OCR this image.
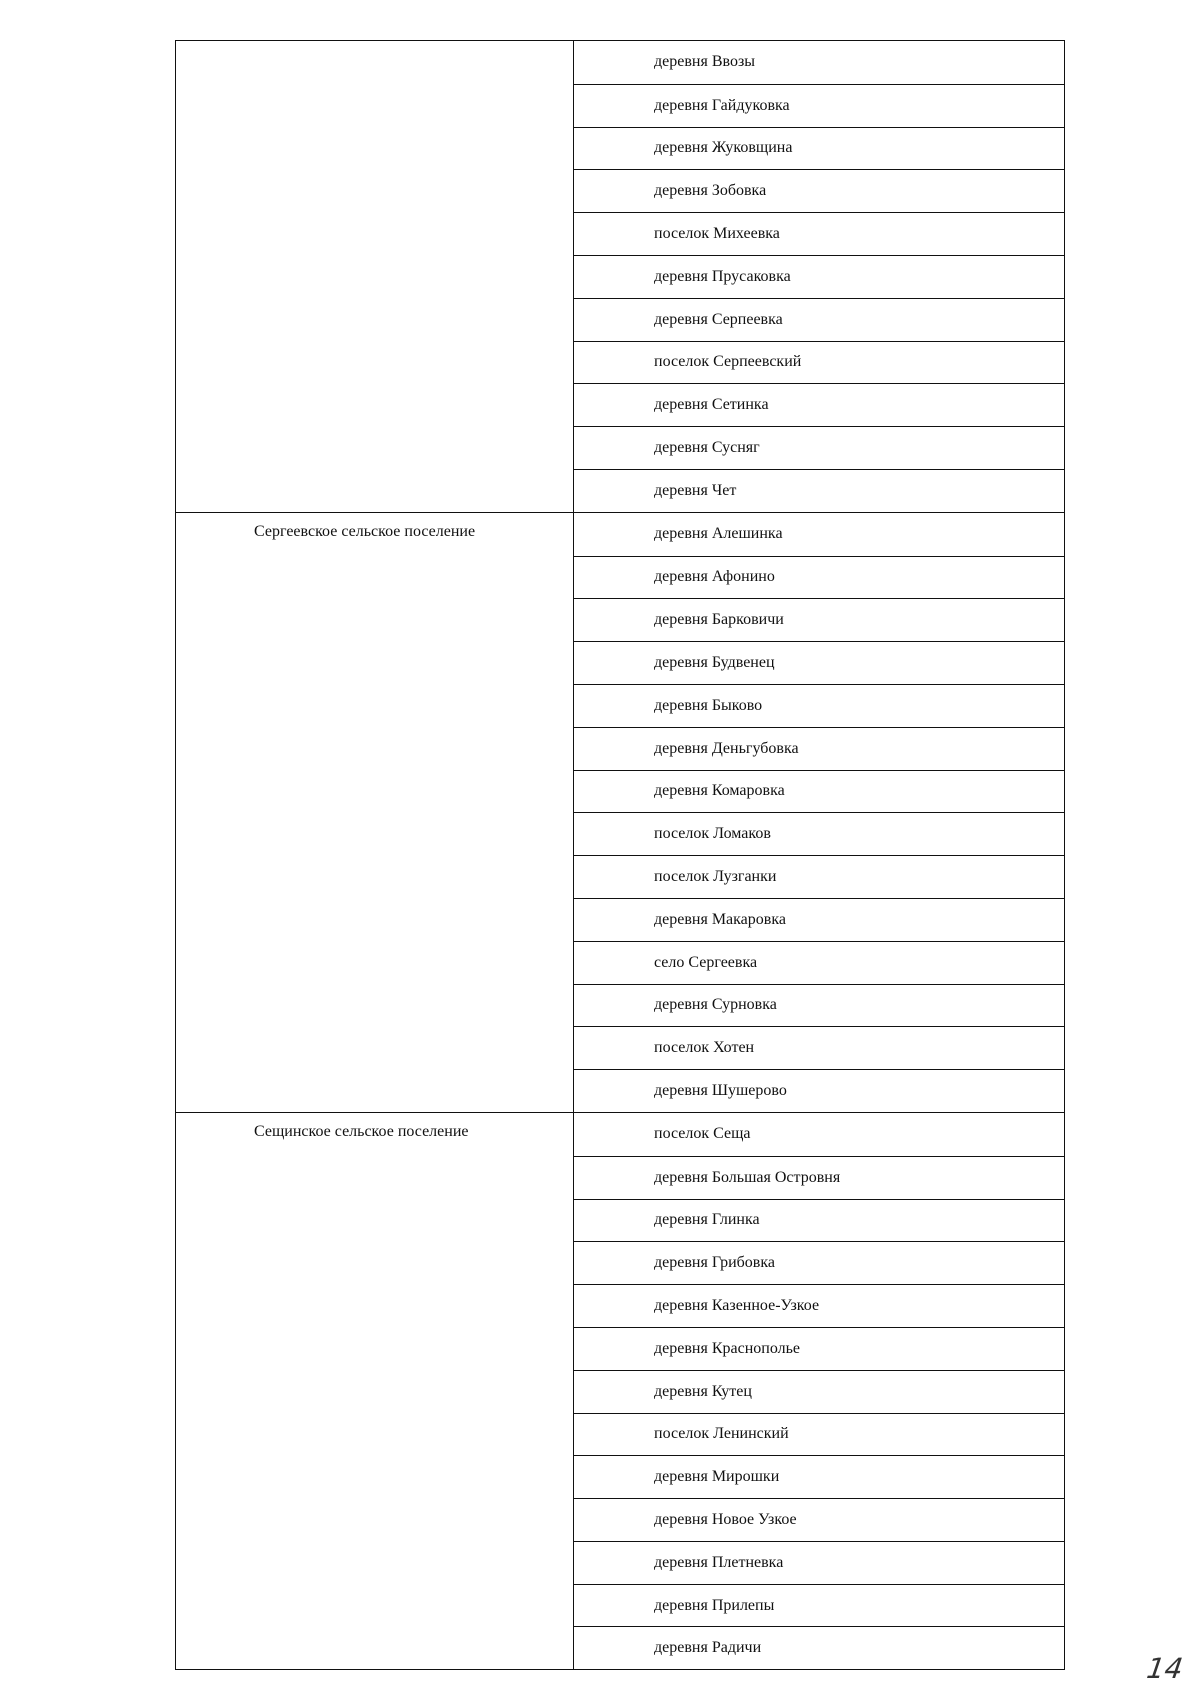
деревня Ввозы
деревня Гайдуковка
деревня Жуковщина
деревня Зобовка
поселок Михеевка
деревня Прусаковка
деревня Серпеевка
поселок Серпеевский
деревня Сетинка
деревня Сусняг
деревня Чет
Сергеевское сельское поселение	деревня Алешинка
деревня Афонино
деревня Барковичи
деревня Будвенец
деревня Быково
деревня Деньгубовка
деревня Комаровка
поселок Ломаков
поселок Лузганки
деревня Макаровка
село Сергеевка
деревня Сурновка
поселок Хотен
деревня Шушерово
Сещинское сельское поселение	поселок Сеща
деревня Большая Островня
деревня Глинка
деревня Грибовка
деревня Казенное-Узкое
деревня Краснополье
деревня Кутец
поселок Ленинский
деревня Мирошки
деревня Новое Узкое
деревня Плетневка
деревня Прилепы
деревня Радичи
14
